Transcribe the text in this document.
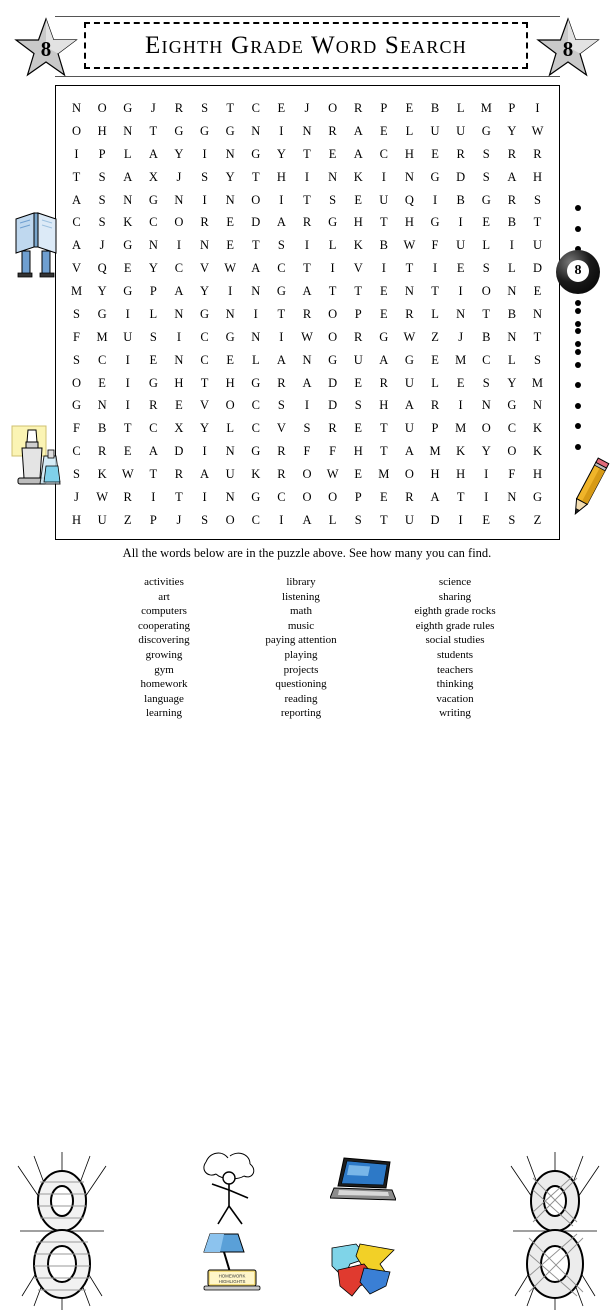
Eighth Grade Word Search
8	8
N	O	G	J	R	S	T	C	E	J	O	R	P	E	B	L	M	P	I
O	H	N	T	G	G	G	N	I	N	R	A	E	L	U	U	G	Y	W
I	P	L	A	Y	I	N	G	Y	T	E	A	C	H	E	R	S	R	R
T	S	A	X	J	S	Y	T	H	I	N	K	I	N	G	D	S	A	H
A	S	N	G	N	I	N	O	I	T	S	E	U	Q	I	B	G	R	S
C	S	K	C	O	R	E	D	A	R	G	H	T	H	G	I	E	B	T
A	J	G	N	I	N	E	T	S	I	L	K	B	W	F	U	L	I	U
V	Q	E	Y	C	V	W	A	C	T	I	V	I	T	I	E	S	L	D
M	Y	G	P	A	Y	I	N	G	A	T	T	E	N	T	I	O	N	E
S	G	I	L	N	G	N	I	T	R	O	P	E	R	L	N	T	B	N
F	M	U	S	I	C	G	N	I	W	O	R	G	W	Z	J	B	N	T
S	C	I	E	N	C	E	L	A	N	G	U	A	G	E	M	C	L	S
O	E	I	G	H	T	H	G	R	A	D	E	R	U	L	E	S	Y	M
G	N	I	R	E	V	O	C	S	I	D	S	H	A	R	I	N	G	N
F	B	T	C	X	Y	L	C	V	S	R	E	T	U	P	M	O	C	K
C	R	E	A	D	I	N	G	R	F	F	H	T	A	M	K	Y	O	K
S	K	W	T	R	A	U	K	R	O	W	E	M	O	H	H	I	F	H
J	W	R	I	T	I	N	G	C	O	O	P	E	R	A	T	I	N	G
H	U	Z	P	J	S	O	C	I	A	L	S	T	U	D	I	E	S	Z
8
All the words below are in the puzzle above. See how many you can find.
HOMEWORK
HIGHLIGHTS
activities
art
computers
cooperating
discovering
growing
gym
homework
language
learning
library
listening
math
music
paying attention
playing
projects
questioning
reading
reporting
science
sharing
eighth grade rocks
eighth grade rules
social studies
students
teachers
thinking
vacation
writing
